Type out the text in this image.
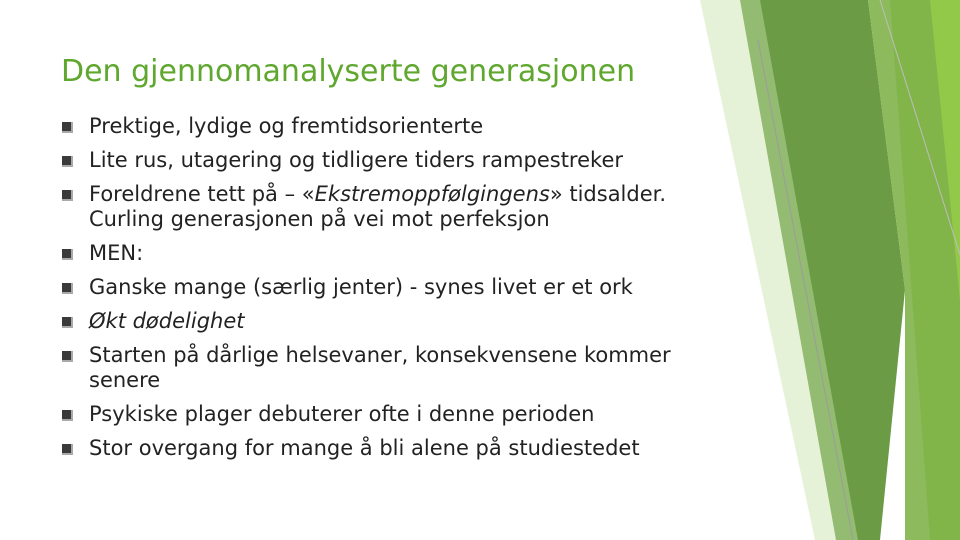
Den gjennomanalyserte generasjonen
Prektige, lydige og fremtidsorienterte
Lite rus, utagering og tidligere tiders rampestreker
Foreldrene tett på – «Ekstremoppfølgingens» tidsalder. Curling generasjonen på vei mot perfeksjon
MEN:
Ganske mange (særlig jenter) - synes livet er et ork
Økt dødelighet
Starten på dårlige helsevaner, konsekvensene kommer senere
Psykiske plager debuterer ofte i denne perioden
Stor overgang for mange å bli alene på studiestedet
